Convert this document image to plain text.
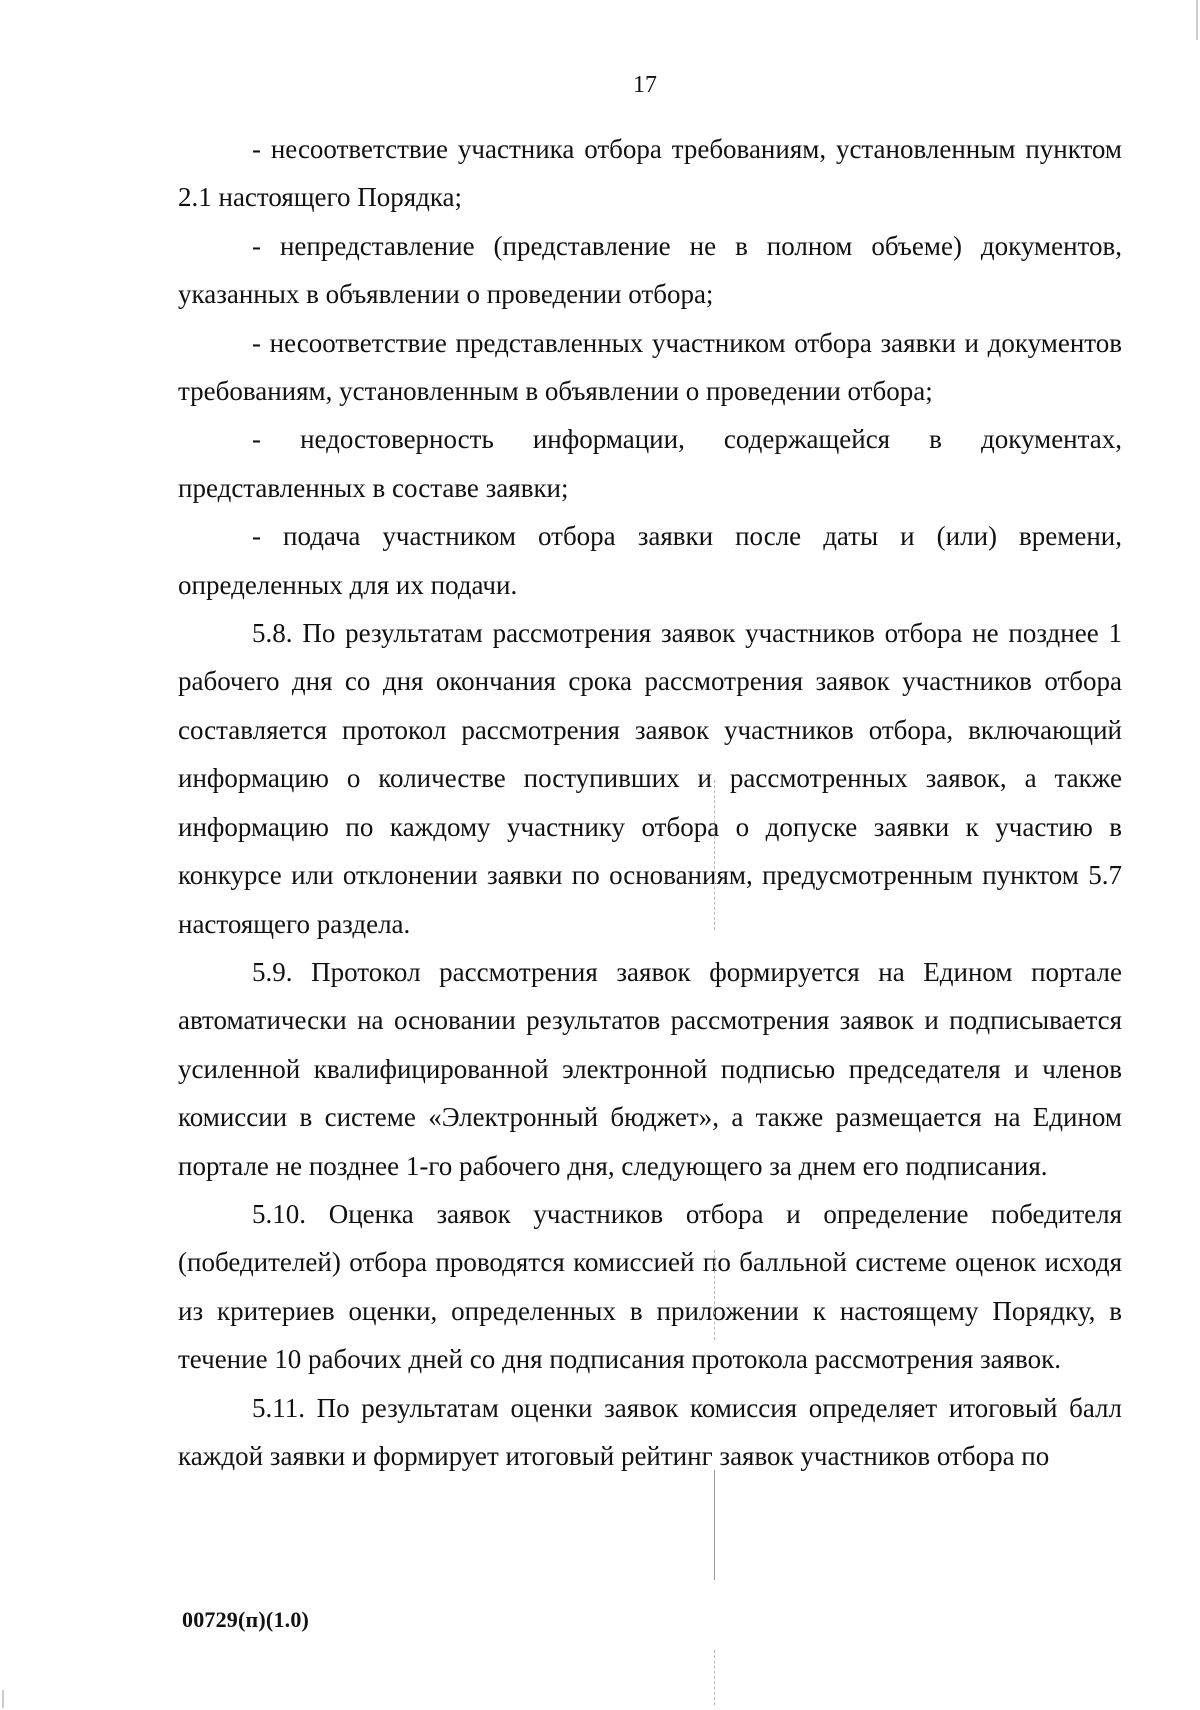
17

- несоответствие участника отбора требованиям, установленным пунктом 2.1 настоящего Порядка;

- непредставление (представление не в полном объеме) документов, указанных в объявлении о проведении отбора;

- несоответствие представленных участником отбора заявки и документов требованиям, установленным в объявлении о проведении отбора;

- недостоверность информации, содержащейся в документах, представленных в составе заявки;

- подача участником отбора заявки после даты и (или) времени, определенных для их подачи.

5.8. По результатам рассмотрения заявок участников отбора не позднее 1 рабочего дня со дня окончания срока рассмотрения заявок участников отбора составляется протокол рассмотрения заявок участников отбора, включающий информацию о количестве поступивших и рассмотренных заявок, а также информацию по каждому участнику отбора о допуске заявки к участию в конкурсе или отклонении заявки по основаниям, предусмотренным пунктом 5.7 настоящего раздела.

5.9. Протокол рассмотрения заявок формируется на Едином портале автоматически на основании результатов рассмотрения заявок и подписывается усиленной квалифицированной электронной подписью председателя и членов комиссии в системе «Электронный бюджет», а также размещается на Едином портале не позднее 1-го рабочего дня, следующего за днем его подписания.

5.10. Оценка заявок участников отбора и определение победителя (победителей) отбора проводятся комиссией по балльной системе оценок исходя из критериев оценки, определенных в приложении к настоящему Порядку, в течение 10 рабочих дней со дня подписания протокола рассмотрения заявок.

5.11. По результатам оценки заявок комиссия определяет итоговый балл каждой заявки и формирует итоговый рейтинг заявок участников отбора по

00729(п)(1.0)
